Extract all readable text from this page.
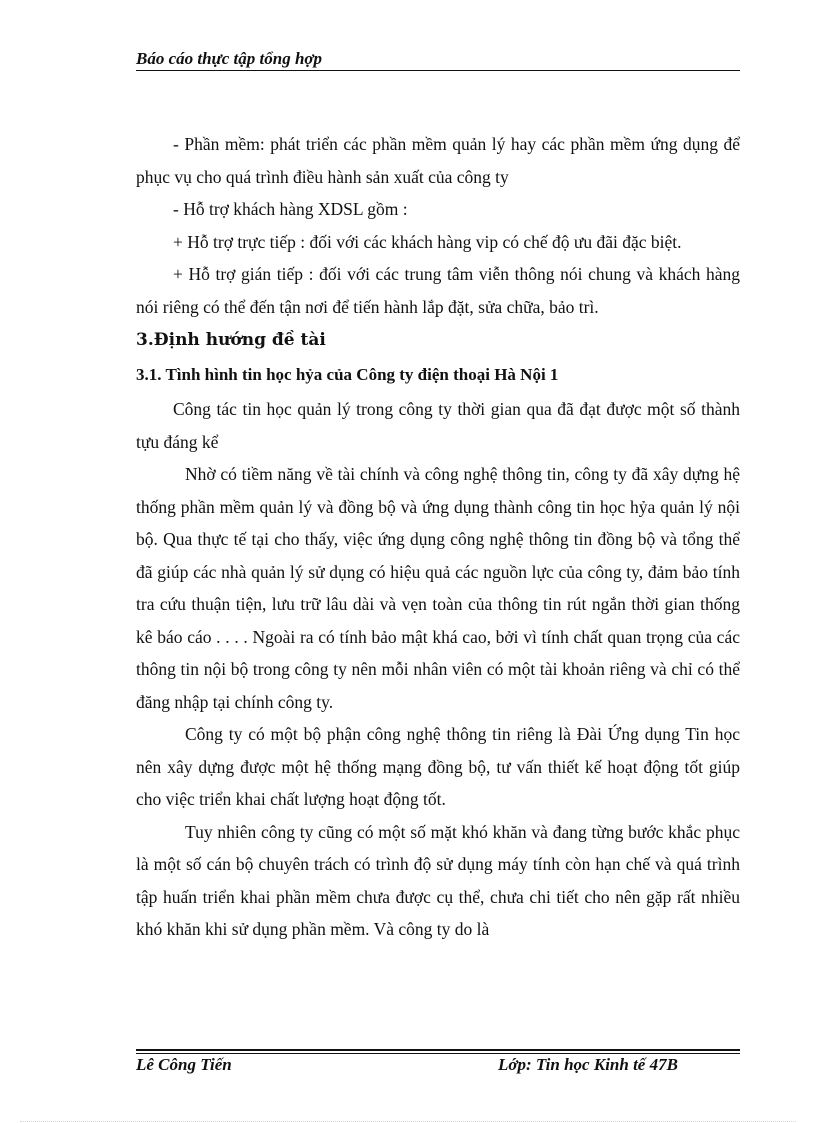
Báo cáo thực tập tổng hợp

- Phần mềm: phát triển các phần mềm quản lý hay các phần mềm ứng dụng để phục vụ cho quá trình điều hành sản xuất của công ty

- Hỗ trợ khách hàng XDSL gồm :

+ Hỗ trợ trực tiếp : đối với các khách hàng vip có chế độ ưu đãi đặc biệt.

+ Hỗ trợ gián tiếp : đối với các trung tâm viễn thông nói chung và khách hàng nói riêng có thể đến tận nơi để tiến hành lắp đặt, sửa chữa, bảo trì.

3.Định hướng đề tài

3.1. Tình hình tin học hỷa của Công ty điện thoại Hà Nội 1

Công tác tin học quản lý trong công ty thời gian qua đã đạt được một số thành tựu đáng kể

Nhờ có tiềm năng về tài chính và công nghệ thông tin, công ty đã xây dựng hệ thống phần mềm quản lý và đồng bộ và ứng dụng thành công tin học hỷa quản lý nội bộ. Qua thực tế tại cho thấy, việc ứng dụng công nghệ thông tin đồng bộ và tổng thể đã giúp các nhà quản lý sử dụng có hiệu quả các nguồn lực của công ty, đảm bảo tính tra cứu thuận tiện, lưu trữ lâu dài và vẹn toàn của thông tin rút ngắn thời gian thống kê báo cáo . . . . Ngoài ra có tính bảo mật khá cao, bởi vì tính chất quan trọng của các thông tin nội bộ trong công ty nên mỗi nhân viên có một tài khoản riêng và chỉ có thể đăng nhập tại chính công ty.

Công ty có một bộ phận công nghệ thông tin riêng là Đài Ứng dụng Tin học nên xây dựng được một hệ thống mạng đồng bộ, tư vấn thiết kế hoạt động tốt giúp cho việc triển khai chất lượng hoạt động tốt.

Tuy nhiên công ty cũng có một số mặt khó khăn và đang từng bước khắc phục là một số cán bộ chuyên trách có trình độ sử dụng máy tính còn hạn chế và quá trình tập huấn triển khai phần mềm chưa được cụ thể, chưa chi tiết cho nên gặp rất nhiều khó khăn khi sử dụng phần mềm. Và công ty do là

Lê Công Tiến	Lớp: Tin học Kinh tế 47B
